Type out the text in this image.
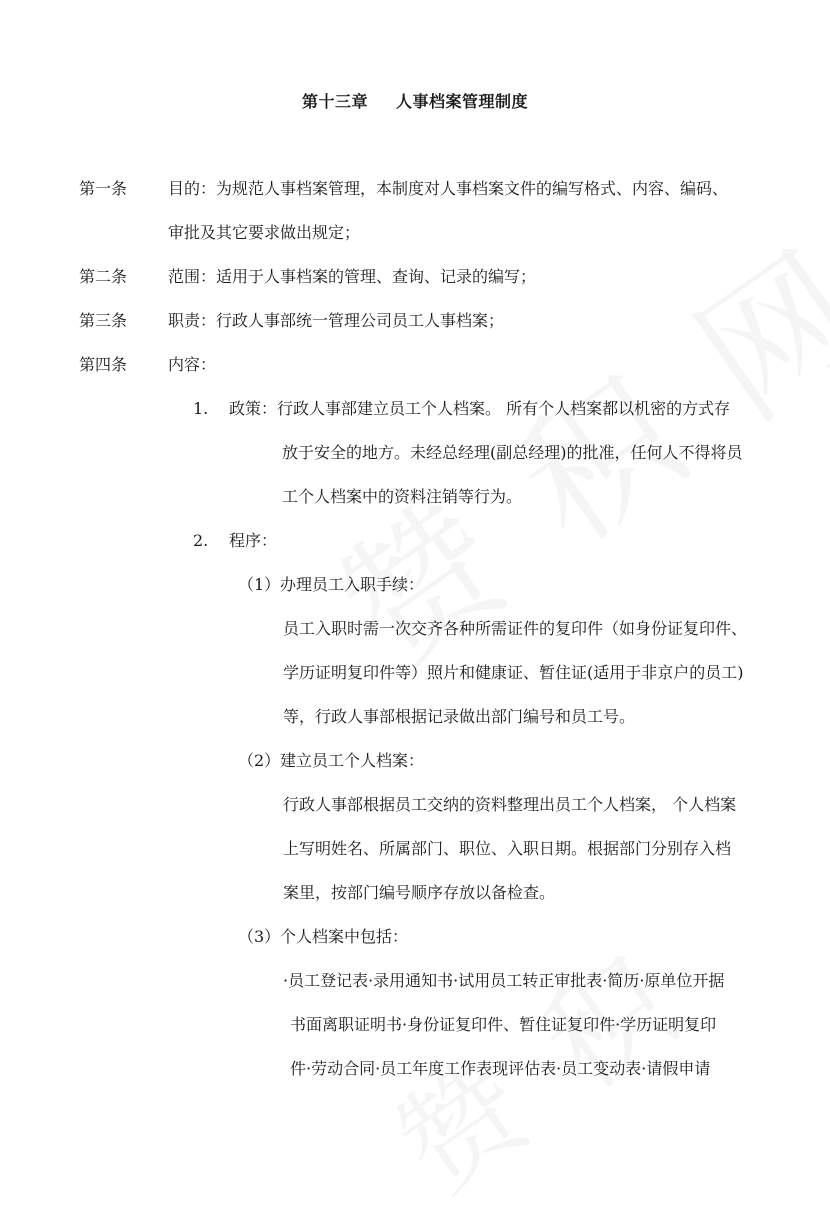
第十三章 人事档案管理制度
第一条	目的：为规范人事档案管理，本制度对人事档案文件的编写格式、内容、编码、
审批及其它要求做出规定；
第二条	范围：适用于人事档案的管理、查询、记录的编写；
第三条	职责：行政人事部统一管理公司员工人事档案；
第四条	内容：
1. 政策：行政人事部建立员工个人档案。 所有个人档案都以机密的方式存
放于安全的地方。未经总经理(副总经理)的批准，任何人不得将员
工个人档案中的资料注销等行为。
2. 程序：
（1） 办理员工入职手续：
员工入职时需一次交齐各种所需证件的复印件（如身份证复印件、
学历证明复印件等）照片和健康证、暂住证(适用于非京户的员工)
等，行政人事部根据记录做出部门编号和员工号。
（2） 建立员工个人档案：
行政人事部根据员工交纳的资料整理出员工个人档案， 个人档案
上写明姓名、所属部门、职位、入职日期。根据部门分别存入档
案里，按部门编号顺序存放以备检查。
（3） 个人档案中包括：
·员工登记表·录用通知书·试用员工转正审批表·简历·原单位开据
书面离职证明书·身份证复印件、暂住证复印件·学历证明复印
件·劳动合同·员工年度工作表现评估表·员工变动表·请假申请
